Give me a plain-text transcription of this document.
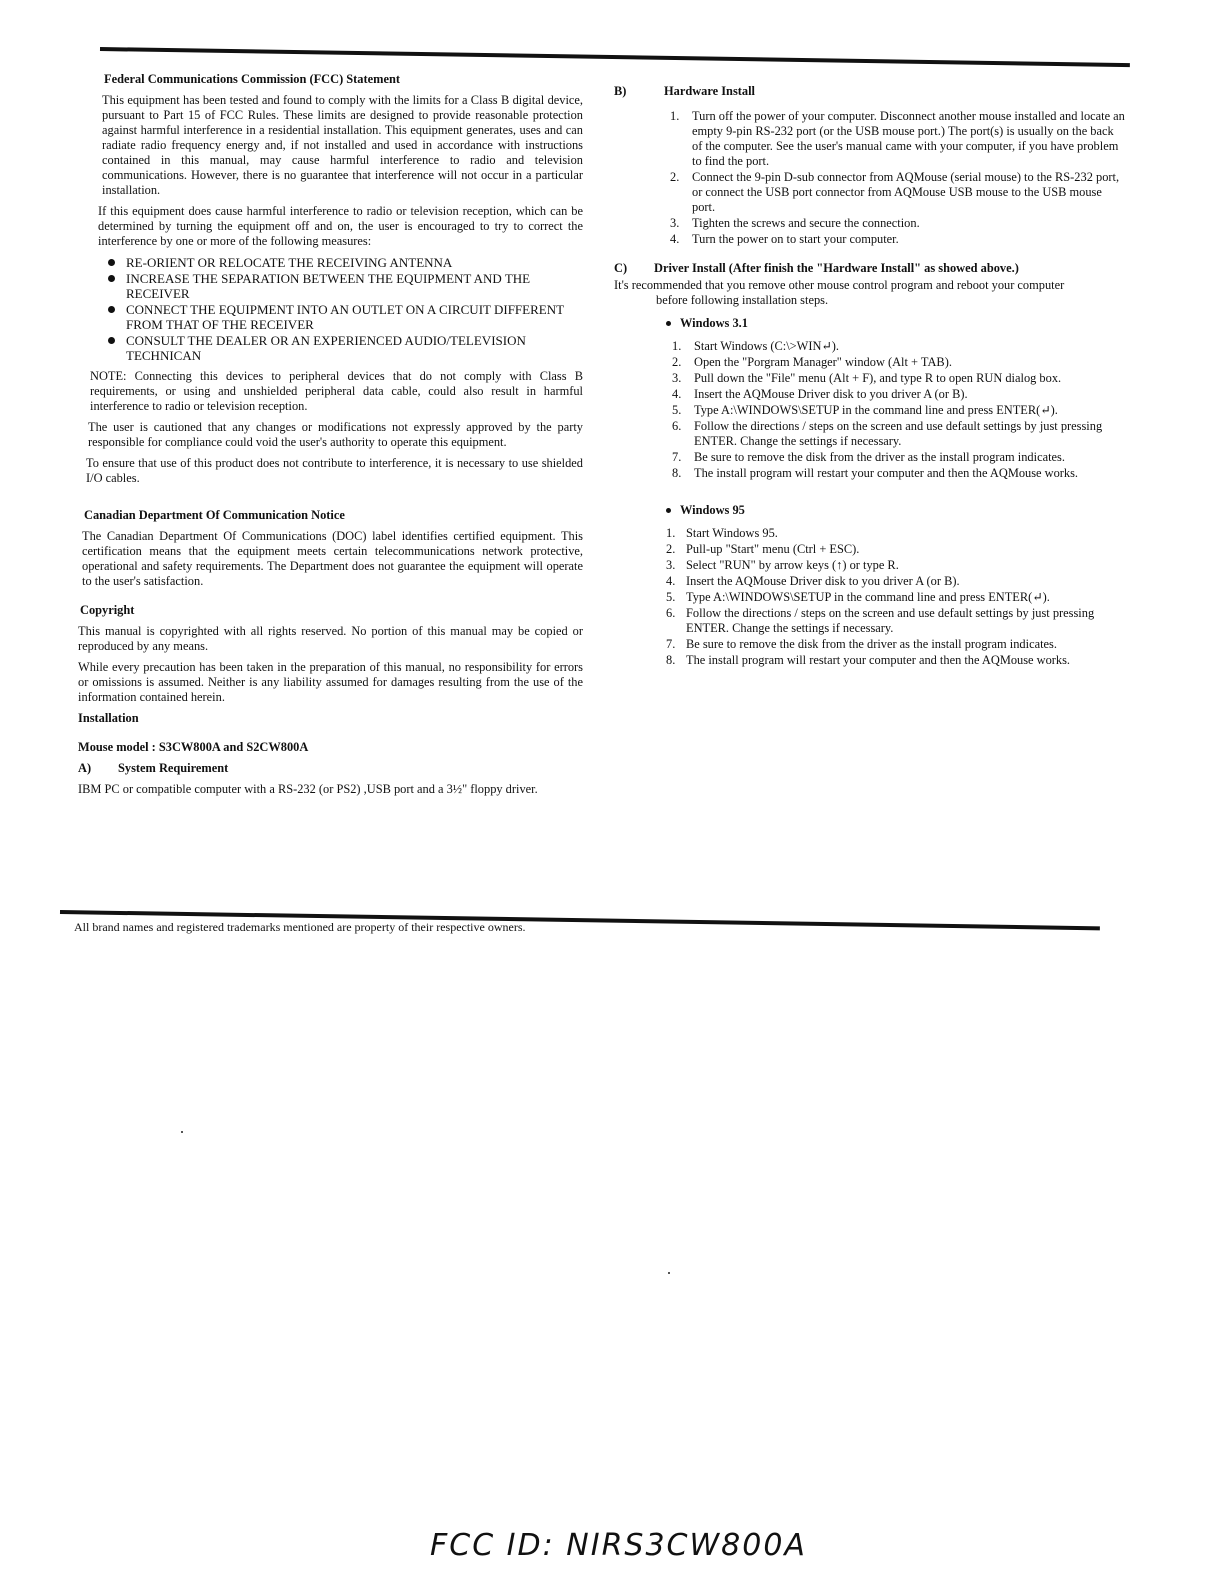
Federal Communications Commission (FCC) Statement

This equipment has been tested and found to comply with the limits for a Class B digital device, pursuant to Part 15 of FCC Rules. These limits are designed to provide reasonable protection against harmful interference in a residential installation. This equipment generates, uses and can radiate radio frequency energy and, if not installed and used in accordance with instructions contained in this manual, may cause harmful interference to radio and television communications. However, there is no guarantee that interference will not occur in a particular installation.

If this equipment does cause harmful interference to radio or television reception, which can be determined by turning the equipment off and on, the user is encouraged to try to correct the interference by one or more of the following measures:

RE-ORIENT OR RELOCATE THE RECEIVING ANTENNA
INCREASE THE SEPARATION BETWEEN THE EQUIPMENT AND THE RECEIVER
CONNECT THE EQUIPMENT INTO AN OUTLET ON A CIRCUIT DIFFERENT FROM THAT OF THE RECEIVER
CONSULT THE DEALER OR AN EXPERIENCED AUDIO/TELEVISION TECHNICAN

NOTE: Connecting this devices to peripheral devices that do not comply with Class B requirements, or using and unshielded peripheral data cable, could also result in harmful interference to radio or television reception.

The user is cautioned that any changes or modifications not expressly approved by the party responsible for compliance could void the user's authority to operate this equipment.

To ensure that use of this product does not contribute to interference, it is necessary to use shielded I/O cables.

Canadian Department Of Communication Notice

The Canadian Department Of Communications (DOC) label identifies certified equipment. This certification means that the equipment meets certain telecommunications network protective, operational and safety requirements. The Department does not guarantee the equipment will operate to the user's satisfaction.

Copyright

This manual is copyrighted with all rights reserved. No portion of this manual may be copied or reproduced by any means.

While every precaution has been taken in the preparation of this manual, no responsibility for errors or omissions is assumed. Neither is any liability assumed for damages resulting from the use of the information contained herein.

Installation
Mouse model : S3CW800A and S2CW800A
A)	System Requirement

IBM PC or compatible computer with a RS-232 (or PS2) ,USB port and a 3½" floppy driver.

B)	Hardware Install
1. Turn off the power of your computer. Disconnect another mouse installed and locate an empty 9-pin RS-232 port (or the USB mouse port.) The port(s) is usually on the back of the computer. See the user's manual came with your computer, if you have problem to find the port.
2. Connect the 9-pin D-sub connector from AQMouse (serial mouse) to the RS-232 port, or connect the USB port connector from AQMouse USB mouse to the USB mouse port.
3. Tighten the screws and secure the connection.
4. Turn the power on to start your computer.
C)	Driver Install (After finish the "Hardware Install" as showed above.)
It's recommended that you remove other mouse control program and reboot your computer
before following installation steps.
Windows 3.1
1. Start Windows (C:\>WIN↵).
2. Open the "Porgram Manager" window (Alt + TAB).
3. Pull down the "File" menu (Alt + F), and type R to open RUN dialog box.
4. Insert the AQMouse Driver disk to you driver A (or B).
5. Type A:\WINDOWS\SETUP in the command line and press ENTER(↵).
6. Follow the directions / steps on the screen and use default settings by just pressing ENTER. Change the settings if necessary.
7. Be sure to remove the disk from the driver as the install program indicates.
8. The install program will restart your computer and then the AQMouse works.
Windows 95
1. Start Windows 95.
2. Pull-up "Start" menu (Ctrl + ESC).
3. Select "RUN" by arrow keys (↑) or type R.
4. Insert the AQMouse Driver disk to you driver A (or B).
5. Type A:\WINDOWS\SETUP in the command line and press ENTER(↵).
6. Follow the directions / steps on the screen and use default settings by just pressing ENTER. Change the settings if necessary.
7. Be sure to remove the disk from the driver as the install program indicates.
8. The install program will restart your computer and then the AQMouse works.
All brand names and registered trademarks mentioned are property of their respective owners.
FCC ID: NIRS3CW800A
